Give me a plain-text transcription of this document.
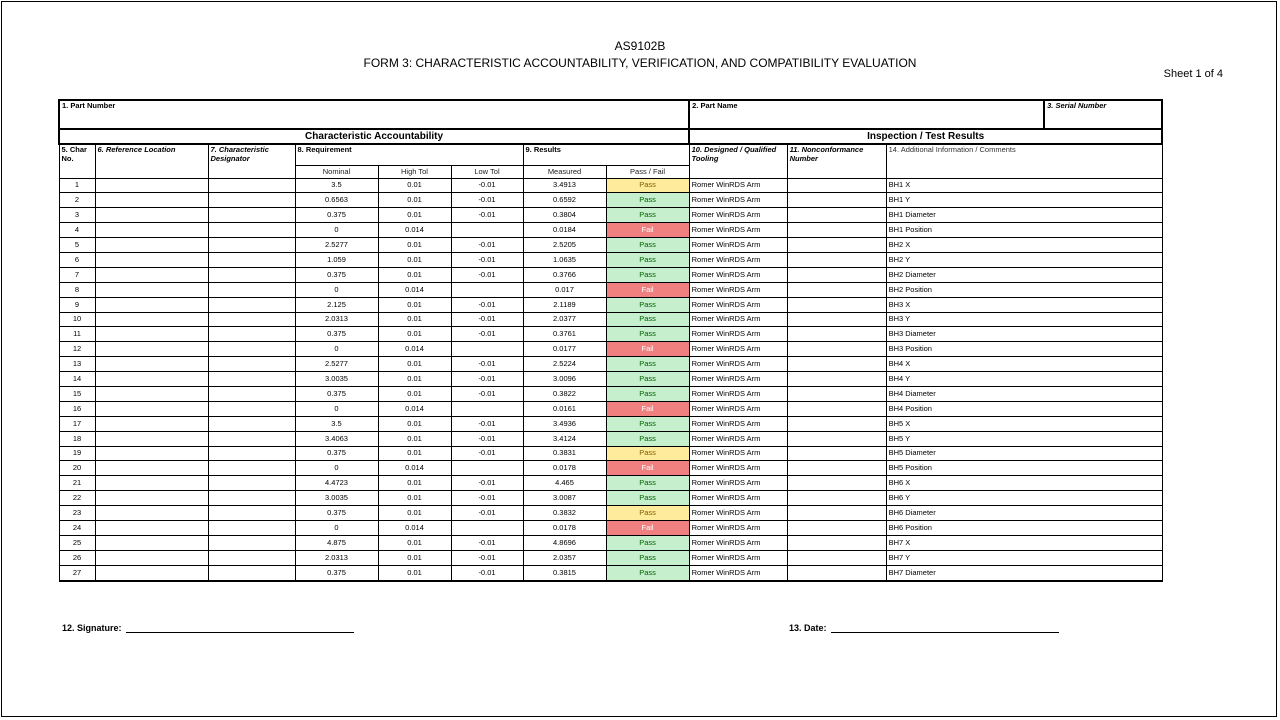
AS9102B
FORM 3: CHARACTERISTIC ACCOUNTABILITY, VERIFICATION, AND COMPATIBILITY EVALUATION
Sheet 1 of 4
1. Part Number								2. Part Name			3. Serial Number	
Characteristic Accountability								Inspection / Test Results				
5. Char No.	6. Reference Location	7. Characteristic Designator	8. Requirement			9. Results		10. Designed / Qualified Tooling	11. Nonconformance Number	14. Additional Information / Comments		
			Nominal	High Tol	Low Tol	Measured	Pass / Fail					
1			3.5	0.01	-0.01	3.4913	Pass	Romer WinRDS Arm		BH1 X		
2			0.6563	0.01	-0.01	0.6592	Pass	Romer WinRDS Arm		BH1 Y		
3			0.375	0.01	-0.01	0.3804	Pass	Romer WinRDS Arm		BH1 Diameter		
4			0	0.014		0.0184	Fail	Romer WinRDS Arm		BH1 Position		
5			2.5277	0.01	-0.01	2.5205	Pass	Romer WinRDS Arm		BH2 X		
6			1.059	0.01	-0.01	1.0635	Pass	Romer WinRDS Arm		BH2 Y		
7			0.375	0.01	-0.01	0.3766	Pass	Romer WinRDS Arm		BH2 Diameter		
8			0	0.014		0.017	Fail	Romer WinRDS Arm		BH2 Position		
9			2.125	0.01	-0.01	2.1189	Pass	Romer WinRDS Arm		BH3 X		
10			2.0313	0.01	-0.01	2.0377	Pass	Romer WinRDS Arm		BH3 Y		
11			0.375	0.01	-0.01	0.3761	Pass	Romer WinRDS Arm		BH3 Diameter		
12			0	0.014		0.0177	Fail	Romer WinRDS Arm		BH3 Position		
13			2.5277	0.01	-0.01	2.5224	Pass	Romer WinRDS Arm		BH4 X		
14			3.0035	0.01	-0.01	3.0096	Pass	Romer WinRDS Arm		BH4 Y		
15			0.375	0.01	-0.01	0.3822	Pass	Romer WinRDS Arm		BH4 Diameter		
16			0	0.014		0.0161	Fail	Romer WinRDS Arm		BH4 Position		
17			3.5	0.01	-0.01	3.4936	Pass	Romer WinRDS Arm		BH5 X		
18			3.4063	0.01	-0.01	3.4124	Pass	Romer WinRDS Arm		BH5 Y		
19			0.375	0.01	-0.01	0.3831	Pass	Romer WinRDS Arm		BH5 Diameter		
20			0	0.014		0.0178	Fail	Romer WinRDS Arm		BH5 Position		
21			4.4723	0.01	-0.01	4.465	Pass	Romer WinRDS Arm		BH6 X		
22			3.0035	0.01	-0.01	3.0087	Pass	Romer WinRDS Arm		BH6 Y		
23			0.375	0.01	-0.01	0.3832	Pass	Romer WinRDS Arm		BH6 Diameter		
24			0	0.014		0.0178	Fail	Romer WinRDS Arm		BH6 Position		
25			4.875	0.01	-0.01	4.8696	Pass	Romer WinRDS Arm		BH7 X		
26			2.0313	0.01	-0.01	2.0357	Pass	Romer WinRDS Arm		BH7 Y		
27			0.375	0.01	-0.01	0.3815	Pass	Romer WinRDS Arm		BH7 Diameter		
12. Signature:	13. Date:
